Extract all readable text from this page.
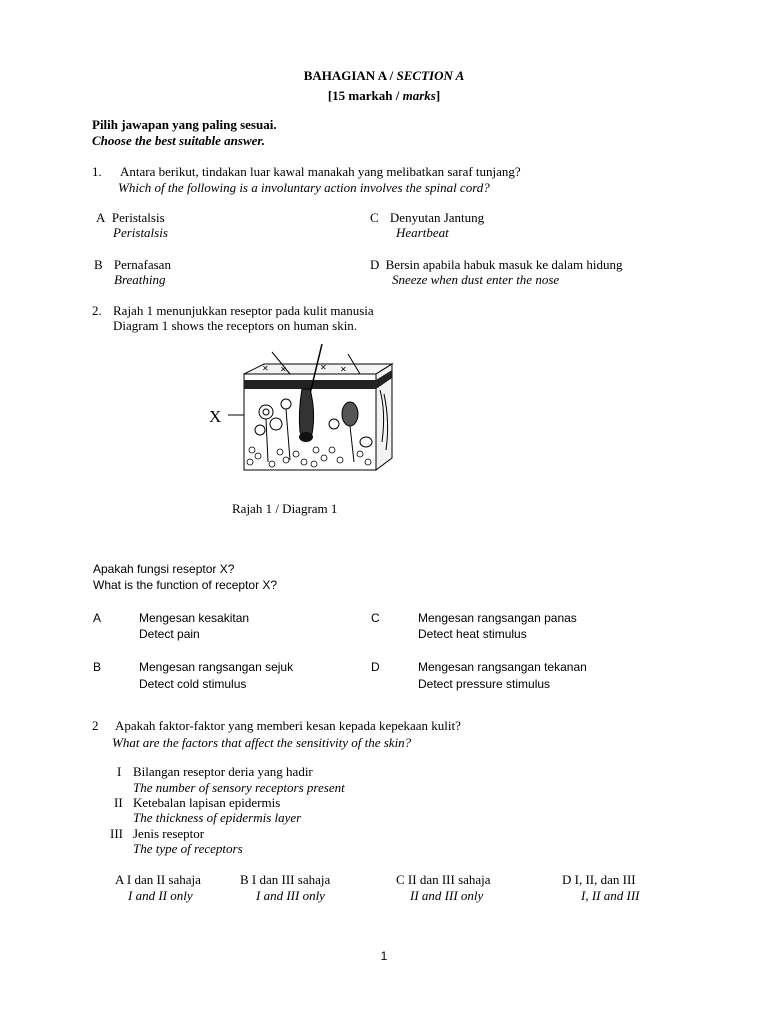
BAHAGIAN A / SECTION A
[15 markah / marks]
Pilih jawapan yang paling sesuai.
Choose the best suitable answer.
1. Antara berikut, tindakan luar kawal manakah yang melibatkan saraf tunjang?
Which of the following is a involuntary action involves the spinal cord?
A Peristalsis
Peristalsis
C Denyutan Jantung
Heartbeat
B Pernafasan
Breathing
D Bersin apabila habuk masuk ke dalam hidung
Sneeze when dust enter the nose
2. Rajah 1 menunjukkan reseptor pada kulit manusia
Diagram 1 shows the receptors on human skin.
X
✕	✕ ✕
✕
Rajah 1 / Diagram 1
Apakah fungsi reseptor X?
What is the function of receptor X?
A	Mengesan kesakitan
Detect pain
C	Mengesan rangsangan panas
Detect heat stimulus
B	Mengesan rangsangan sejuk
Detect cold stimulus
D	Mengesan rangsangan tekanan
Detect pressure stimulus
2 Apakah faktor-faktor yang memberi kesan kepada kepekaan kulit?
What are the factors that affect the sensitivity of the skin?
I Bilangan reseptor deria yang hadir
The number of sensory receptors present
II Ketebalan lapisan epidermis
The thickness of epidermis layer
III Jenis reseptor
The type of receptors
A I dan II sahaja
I and II only
B I dan III sahaja
I and III only
C II dan III sahaja
II and III only
D I, II, dan III
I, II and III
1
